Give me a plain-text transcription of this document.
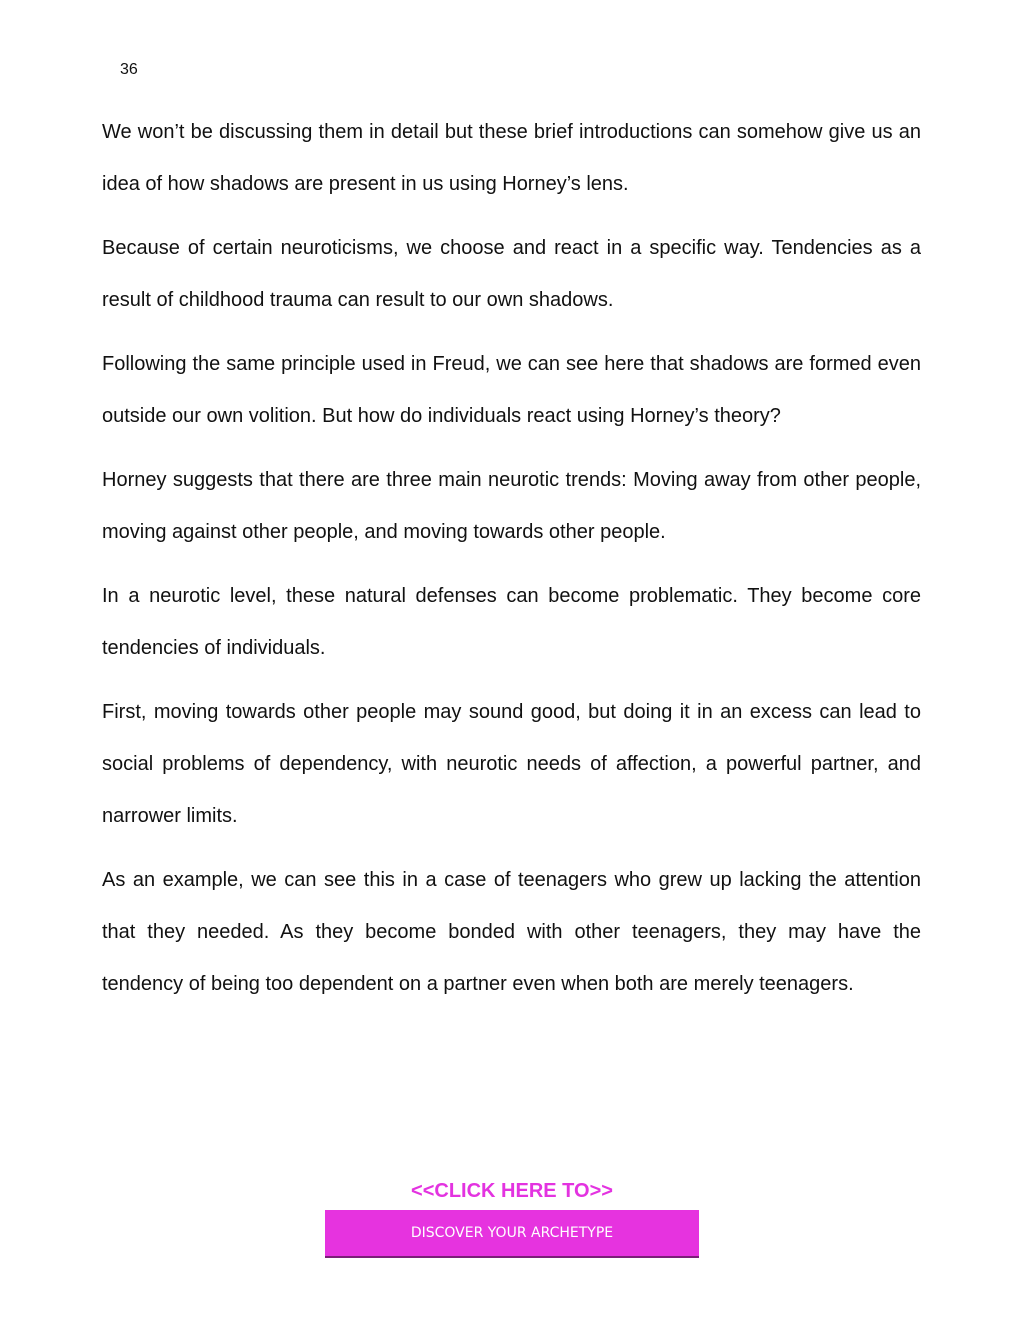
36

We won’t be discussing them in detail but these brief introductions can somehow give us an idea of how shadows are present in us using Horney’s lens.

Because of certain neuroticisms, we choose and react in a specific way. Tendencies as a result of childhood trauma can result to our own shadows.

Following the same principle used in Freud, we can see here that shadows are formed even outside our own volition. But how do individuals react using Horney’s theory?

Horney suggests that there are three main neurotic trends: Moving away from other people, moving against other people, and moving towards other people.

In a neurotic level, these natural defenses can become problematic. They become core tendencies of individuals.

First, moving towards other people may sound good, but doing it in an excess can lead to social problems of dependency, with neurotic needs of affection, a powerful partner, and narrower limits.

As an example, we can see this in a case of teenagers who grew up lacking the attention that they needed. As they become bonded with other teenagers, they may have the tendency of being too dependent on a partner even when both are merely teenagers.

<<CLICK HERE TO>>
DISCOVER YOUR ARCHETYPE
